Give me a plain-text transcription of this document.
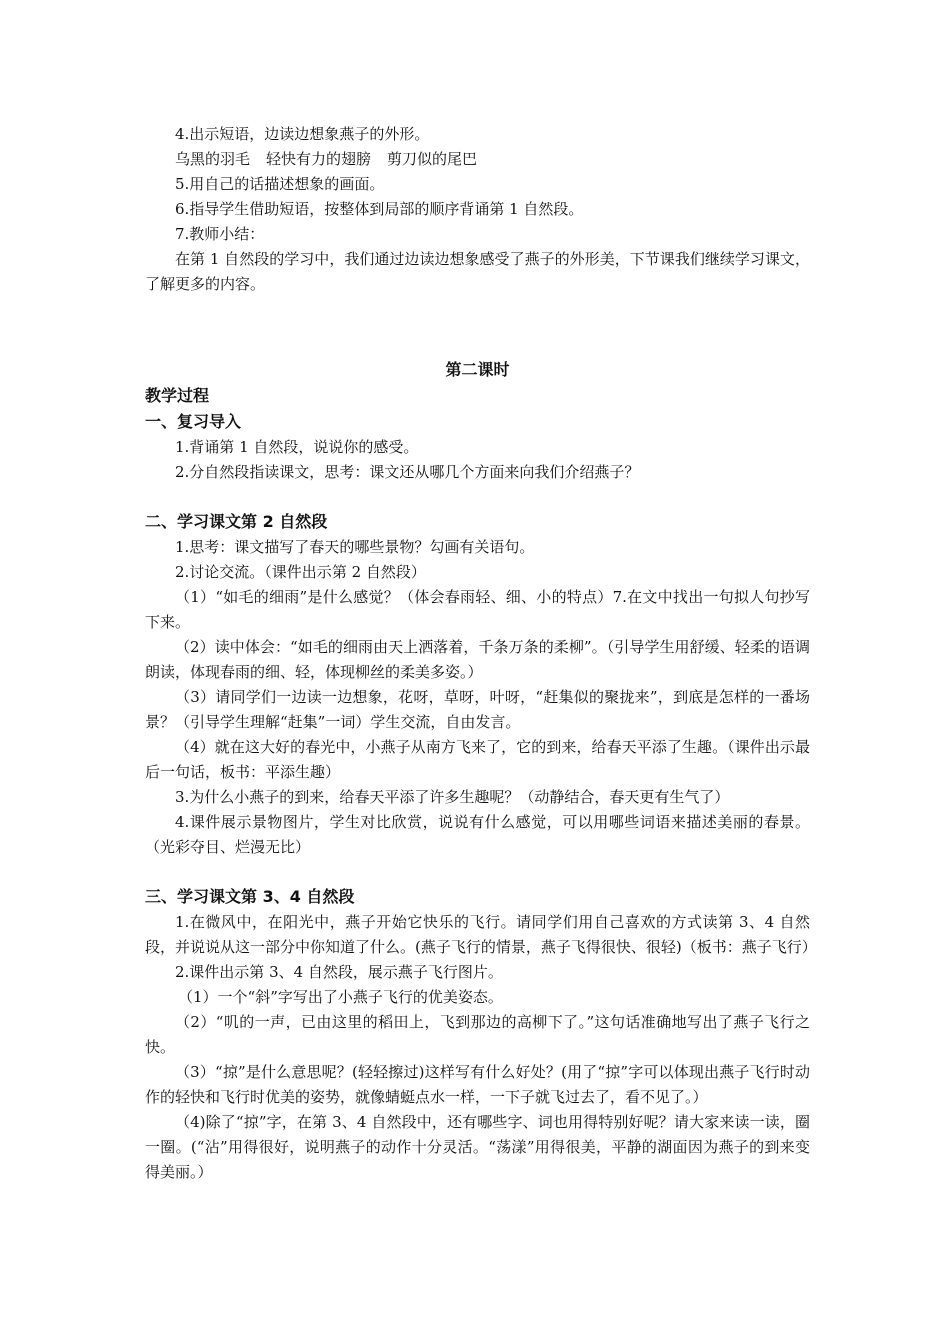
4.出示短语，边读边想象燕子的外形。

乌黑的羽毛 轻快有力的翅膀 剪刀似的尾巴

5.用自己的话描述想象的画面。

6.指导学生借助短语，按整体到局部的顺序背诵第 1 自然段。

7.教师小结：

在第 1 自然段的学习中，我们通过边读边想象感受了燕子的外形美，下节课我们继续学习课文，了解更多的内容。

第二课时

教学过程

一、复习导入

1.背诵第 1 自然段，说说你的感受。

2.分自然段指读课文，思考：课文还从哪几个方面来向我们介绍燕子？

二、学习课文第 2 自然段

1.思考：课文描写了春天的哪些景物？勾画有关语句。

2.讨论交流。（课件出示第 2 自然段）

（1）“如毛的细雨”是什么感觉？（体会春雨轻、细、小的特点）7.在文中找出一句拟人句抄写下来。

（2）读中体会：“如毛的细雨由天上洒落着，千条万条的柔柳”。（引导学生用舒缓、轻柔的语调朗读，体现春雨的细、轻，体现柳丝的柔美多姿。）

（3）请同学们一边读一边想象，花呀，草呀，叶呀，“赶集似的聚拢来”，到底是怎样的一番场景？（引导学生理解“赶集”一词）学生交流，自由发言。

（4）就在这大好的春光中，小燕子从南方飞来了，它的到来，给春天平添了生趣。（课件出示最后一句话，板书：平添生趣）

3.为什么小燕子的到来，给春天平添了许多生趣呢？（动静结合，春天更有生气了）

4.课件展示景物图片，学生对比欣赏，说说有什么感觉，可以用哪些词语来描述美丽的春景。（光彩夺目、烂漫无比）

三、学习课文第 3、4 自然段

1.在微风中，在阳光中，燕子开始它快乐的飞行。请同学们用自己喜欢的方式读第 3、4 自然段，并说说从这一部分中你知道了什么。(燕子飞行的情景，燕子飞得很快、很轻)（板书：燕子飞行）

2.课件出示第 3、4 自然段，展示燕子飞行图片。

（1）一个“斜”字写出了小燕子飞行的优美姿态。

（2）“叽的一声，已由这里的稻田上，飞到那边的高柳下了。”这句话准确地写出了燕子飞行之快。

（3）“掠”是什么意思呢？(轻轻擦过)这样写有什么好处？(用了“掠”字可以体现出燕子飞行时动作的轻快和飞行时优美的姿势，就像蜻蜓点水一样，一下子就飞过去了，看不见了。）

（4)除了“掠”字，在第 3、4 自然段中，还有哪些字、词也用得特别好呢？请大家来读一读，圈一圈。(“沾”用得很好，说明燕子的动作十分灵活。“荡漾”用得很美，平静的湖面因为燕子的到来变得美丽。）
